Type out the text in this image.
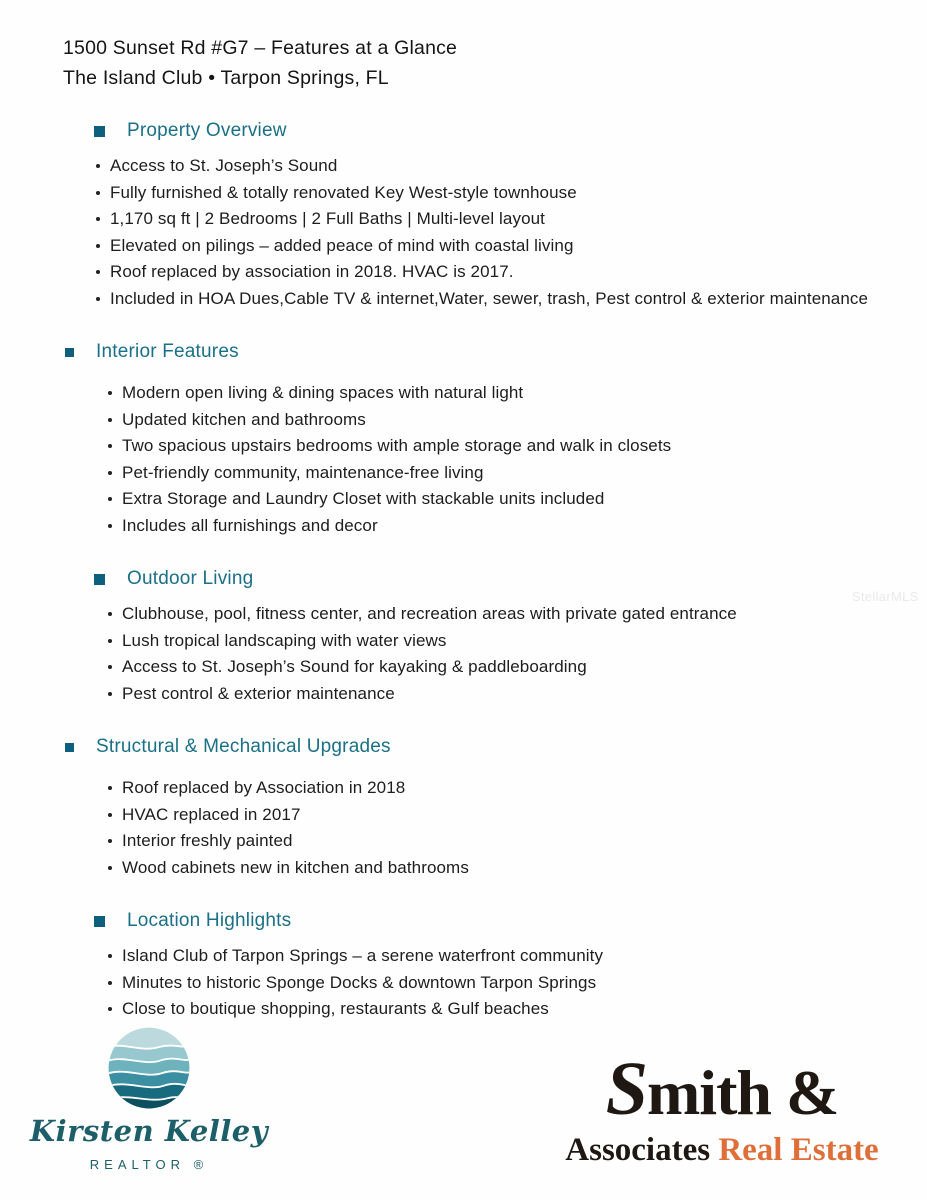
1500 Sunset Rd #G7 – Features at a Glance
The Island Club • Tarpon Springs, FL
Property Overview
Access to St. Joseph’s Sound
Fully furnished & totally renovated Key West-style townhouse
1,170 sq ft | 2 Bedrooms | 2 Full Baths | Multi-level layout
Elevated on pilings – added peace of mind with coastal living
Roof replaced by association in 2018. HVAC is 2017.
Included in HOA Dues,Cable TV & internet,Water, sewer, trash, Pest control & exterior maintenance
Interior Features
Modern open living & dining spaces with natural light
Updated kitchen and bathrooms
Two spacious upstairs bedrooms with ample storage and walk in closets
Pet-friendly community, maintenance-free living
Extra Storage and Laundry Closet with stackable units included
Includes all furnishings and decor
Outdoor Living
Clubhouse, pool, fitness center, and recreation areas with private gated entrance
Lush tropical landscaping with water views
Access to St. Joseph’s Sound for kayaking & paddleboarding
Pest control & exterior maintenance
Structural & Mechanical Upgrades
Roof replaced by Association in 2018
HVAC replaced in 2017
Interior freshly painted
Wood cabinets new in kitchen and bathrooms
Location Highlights
Island Club of Tarpon Springs – a serene waterfront community
Minutes to historic Sponge Docks & downtown Tarpon Springs
Close to boutique shopping, restaurants & Gulf beaches
StellarMLS
Kirsten Kelley
REALTOR ®
Smith &
Associates Real Estate
